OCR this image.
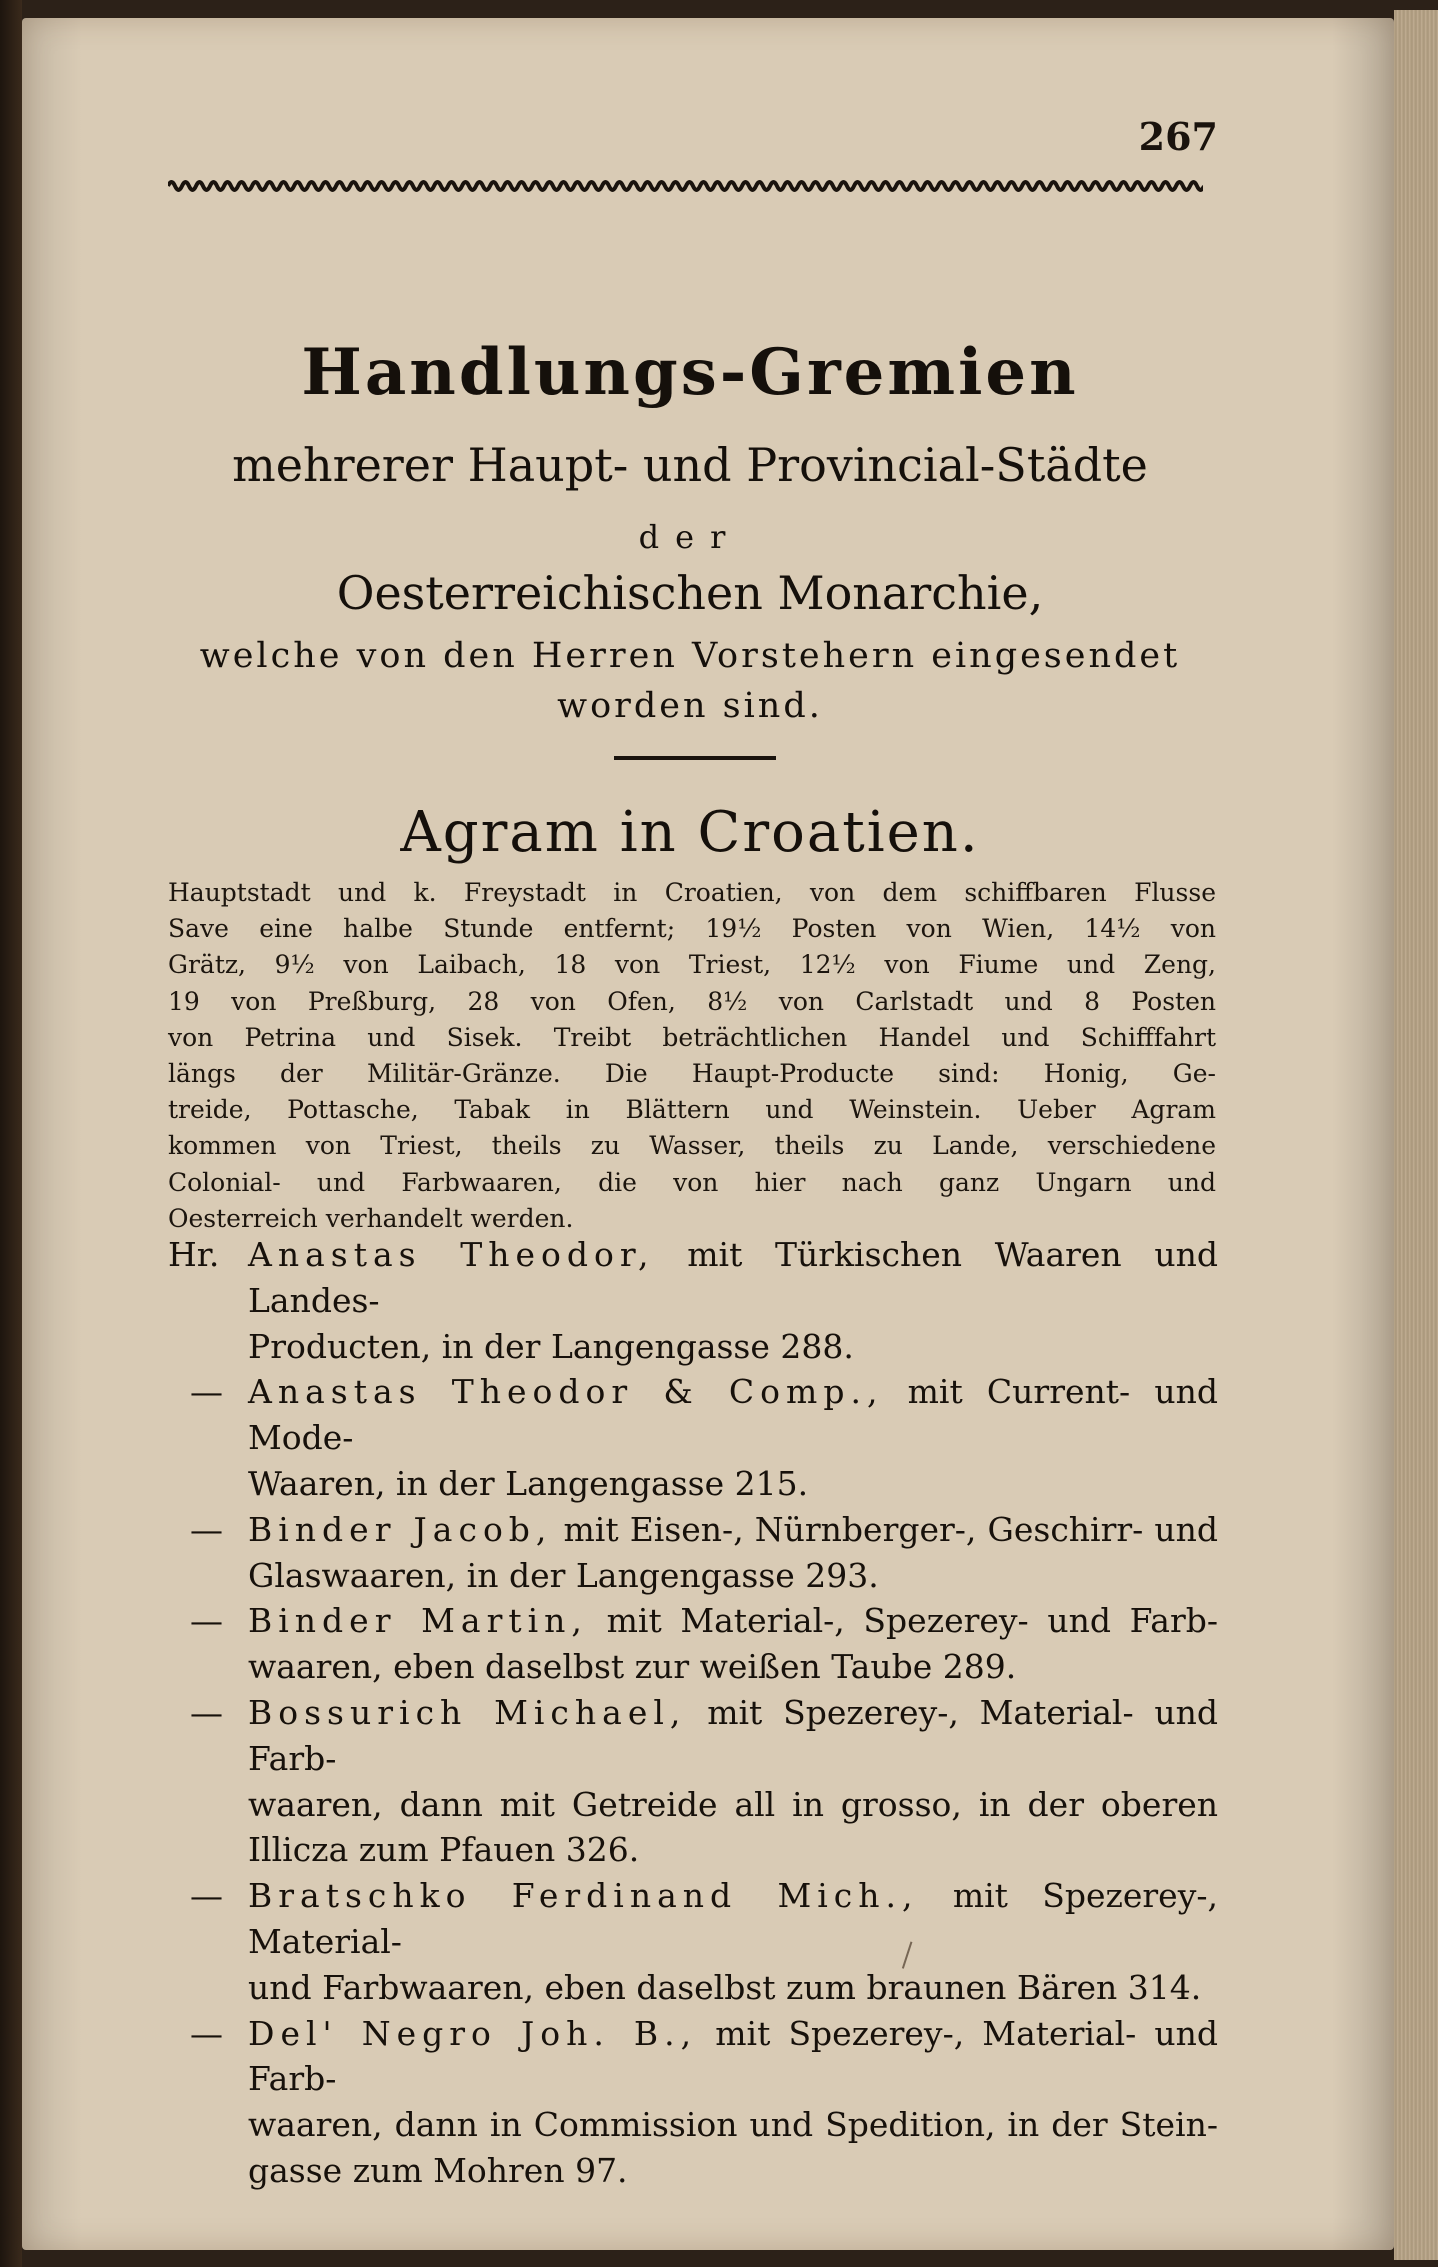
267
Handlungs-Gremien
mehrerer Haupt- und Provincial-Städte
der
Oesterreichischen Monarchie,
welche von den Herren Vorstehern eingesendet
worden sind.
Agram in Croatien.
Hauptstadt und k. Freystadt in Croatien, von dem schiffbaren Flusse
Save eine halbe Stunde entfernt; 19½ Posten von Wien, 14½ von
Grätz, 9½ von Laibach, 18 von Triest, 12½ von Fiume und Zeng,
19 von Preßburg, 28 von Ofen, 8½ von Carlstadt und 8 Posten
von Petrina und Sisek. Treibt beträchtlichen Handel und Schifffahrt
längs der Militär-Gränze. Die Haupt-Producte sind: Honig, Ge-
treide, Pottasche, Tabak in Blättern und Weinstein. Ueber Agram
kommen von Triest, theils zu Wasser, theils zu Lande, verschiedene
Colonial- und Farbwaaren, die von hier nach ganz Ungarn und
Oesterreich verhandelt werden.
Hr. Anastas Theodor, mit Türkischen Waaren und Landes-
Producten, in der Langengasse 288.
— Anastas Theodor & Comp., mit Current- und Mode-
Waaren, in der Langengasse 215.
— Binder Jacob, mit Eisen-, Nürnberger-, Geschirr- und
Glaswaaren, in der Langengasse 293.
— Binder Martin, mit Material-, Spezerey- und Farb-
waaren, eben daselbst zur weißen Taube 289.
— Bossurich Michael, mit Spezerey-, Material- und Farb-
waaren, dann mit Getreide all in grosso, in der oberen
Illicza zum Pfauen 326.
— Bratschko Ferdinand Mich., mit Spezerey-, Material-
und Farbwaaren, eben daselbst zum braunen Bären 314.
— Del' Negro Joh. B., mit Spezerey-, Material- und Farb-
waaren, dann in Commission und Spedition, in der Stein-
gasse zum Mohren 97.
